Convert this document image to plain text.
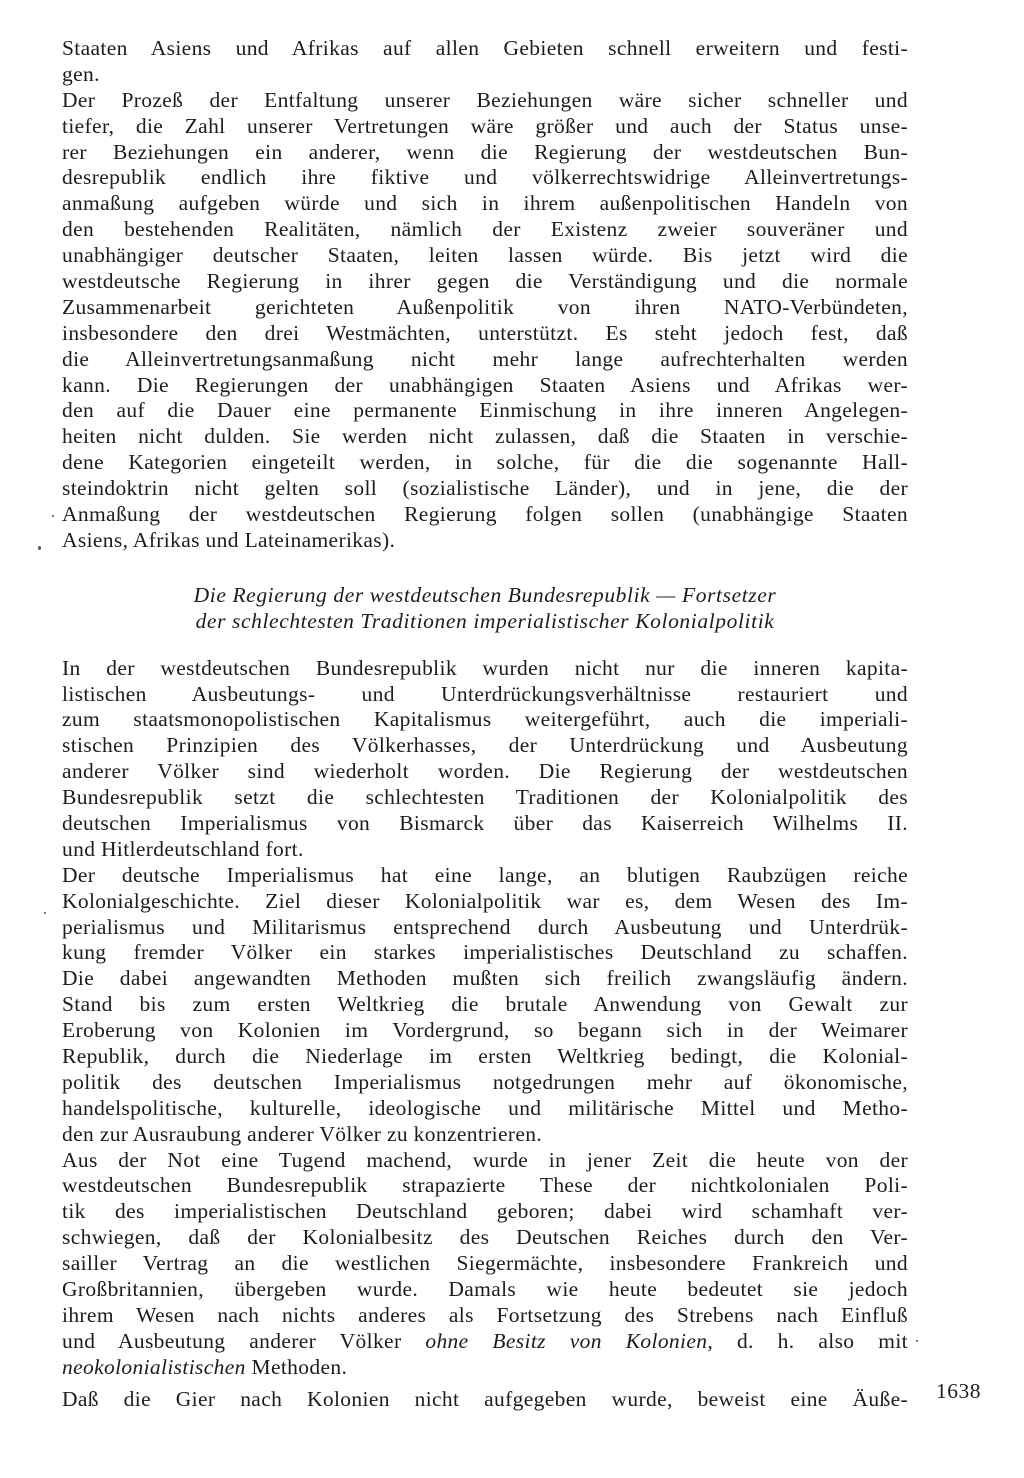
Staaten Asiens und Afrikas auf allen Gebieten schnell erweitern und festi-
gen.
Der Prozeß der Entfaltung unserer Beziehungen wäre sicher schneller und
tiefer, die Zahl unserer Vertretungen wäre größer und auch der Status unse-
rer Beziehungen ein anderer, wenn die Regierung der westdeutschen Bun-
desrepublik endlich ihre fiktive und völkerrechtswidrige Alleinvertretungs-
anmaßung aufgeben würde und sich in ihrem außenpolitischen Handeln von
den bestehenden Realitäten, nämlich der Existenz zweier souveräner und
unabhängiger deutscher Staaten, leiten lassen würde. Bis jetzt wird die
westdeutsche Regierung in ihrer gegen die Verständigung und die normale
Zusammenarbeit gerichteten Außenpolitik von ihren NATO-Verbündeten,
insbesondere den drei Westmächten, unterstützt. Es steht jedoch fest, daß
die Alleinvertretungsanmaßung nicht mehr lange aufrechterhalten werden
kann. Die Regierungen der unabhängigen Staaten Asiens und Afrikas wer-
den auf die Dauer eine permanente Einmischung in ihre inneren Angelegen-
heiten nicht dulden. Sie werden nicht zulassen, daß die Staaten in verschie-
dene Kategorien eingeteilt werden, in solche, für die die sogenannte Hall-
steindoktrin nicht gelten soll (sozialistische Länder), und in jene, die der
Anmaßung der westdeutschen Regierung folgen sollen (unabhängige Staaten
Asiens, Afrikas und Lateinamerikas).
Die Regierung der westdeutschen Bundesrepublik — Fortsetzer
der schlechtesten Traditionen imperialistischer Kolonialpolitik
In der westdeutschen Bundesrepublik wurden nicht nur die inneren kapita-
listischen Ausbeutungs- und Unterdrückungsverhältnisse restauriert und
zum staatsmonopolistischen Kapitalismus weitergeführt, auch die imperiali-
stischen Prinzipien des Völkerhasses, der Unterdrückung und Ausbeutung
anderer Völker sind wiederholt worden. Die Regierung der westdeutschen
Bundesrepublik setzt die schlechtesten Traditionen der Kolonialpolitik des
deutschen Imperialismus von Bismarck über das Kaiserreich Wilhelms II.
und Hitlerdeutschland fort.
Der deutsche Imperialismus hat eine lange, an blutigen Raubzügen reiche
Kolonialgeschichte. Ziel dieser Kolonialpolitik war es, dem Wesen des Im-
perialismus und Militarismus entsprechend durch Ausbeutung und Unterdrük-
kung fremder Völker ein starkes imperialistisches Deutschland zu schaffen.
Die dabei angewandten Methoden mußten sich freilich zwangsläufig ändern.
Stand bis zum ersten Weltkrieg die brutale Anwendung von Gewalt zur
Eroberung von Kolonien im Vordergrund, so begann sich in der Weimarer
Republik, durch die Niederlage im ersten Weltkrieg bedingt, die Kolonial-
politik des deutschen Imperialismus notgedrungen mehr auf ökonomische,
handelspolitische, kulturelle, ideologische und militärische Mittel und Metho-
den zur Ausraubung anderer Völker zu konzentrieren.
Aus der Not eine Tugend machend, wurde in jener Zeit die heute von der
westdeutschen Bundesrepublik strapazierte These der nichtkolonialen Poli-
tik des imperialistischen Deutschland geboren; dabei wird schamhaft ver-
schwiegen, daß der Kolonialbesitz des Deutschen Reiches durch den Ver-
sailler Vertrag an die westlichen Siegermächte, insbesondere Frankreich und
Großbritannien, übergeben wurde. Damals wie heute bedeutet sie jedoch
ihrem Wesen nach nichts anderes als Fortsetzung des Strebens nach Einfluß
und Ausbeutung anderer Völker ohne Besitz von Kolonien, d. h. also mit
neokolonialistischen Methoden.
Daß die Gier nach Kolonien nicht aufgegeben wurde, beweist eine Äuße- 1638
